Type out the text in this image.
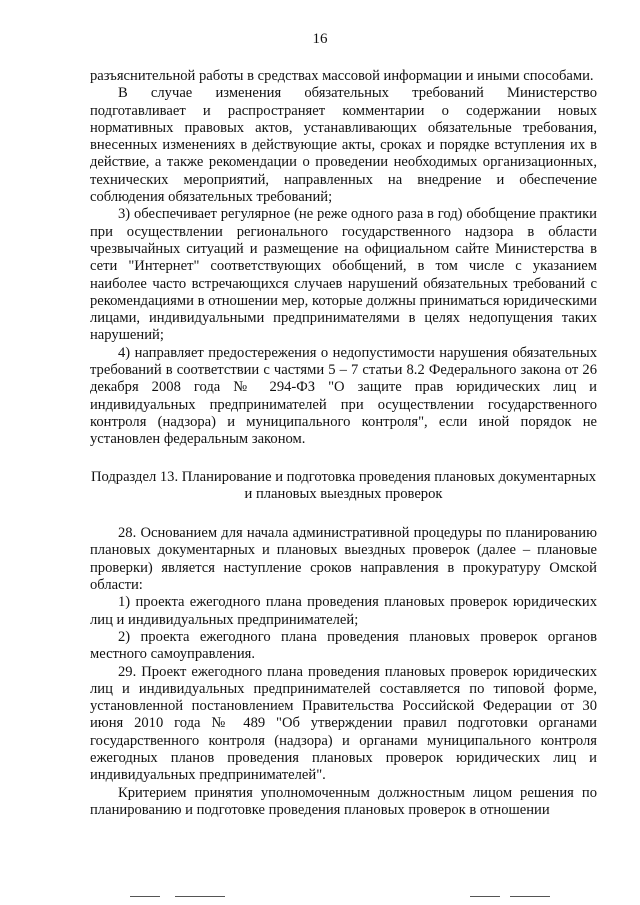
16

разъяснительной работы в средствах массовой информации и иными способами.

В случае изменения обязательных требований Министерство подготавливает и распространяет комментарии о содержании новых нормативных правовых актов, устанавливающих обязательные требования, внесенных изменениях в действующие акты, сроках и порядке вступления их в действие, а также рекомендации о проведении необходимых организационных, технических мероприятий, направленных на внедрение и обеспечение соблюдения обязательных требований;

3) обеспечивает регулярное (не реже одного раза в год) обобщение практики при осуществлении регионального государственного надзора в области чрезвычайных ситуаций и размещение на официальном сайте Министерства в сети "Интернет" соответствующих обобщений, в том числе с указанием наиболее часто встречающихся случаев нарушений обязательных требований с рекомендациями в отношении мер, которые должны приниматься юридическими лицами, индивидуальными предпринимателями в целях недопущения таких нарушений;

4) направляет предостережения о недопустимости нарушения обязательных требований в соответствии с частями 5 – 7 статьи 8.2 Федерального закона от 26 декабря 2008 года № 294-ФЗ "О защите прав юридических лиц и индивидуальных предпринимателей при осуществлении государственного контроля (надзора) и муниципального контроля", если иной порядок не установлен федеральным законом.

Подраздел 13. Планирование и подготовка проведения плановых документарных и плановых выездных проверок

28. Основанием для начала административной процедуры по планированию плановых документарных и плановых выездных проверок (далее – плановые проверки) является наступление сроков направления в прокуратуру Омской области:

1) проекта ежегодного плана проведения плановых проверок юридических лиц и индивидуальных предпринимателей;

2) проекта ежегодного плана проведения плановых проверок органов местного самоуправления.

29. Проект ежегодного плана проведения плановых проверок юридических лиц и индивидуальных предпринимателей составляется по типовой форме, установленной постановлением Правительства Российской Федерации от 30 июня 2010 года № 489 "Об утверждении правил подготовки органами государственного контроля (надзора) и органами муниципального контроля ежегодных планов проведения плановых проверок юридических лиц и индивидуальных предпринимателей".

Критерием принятия уполномоченным должностным лицом решения по планированию и подготовке проведения плановых проверок в отношении
